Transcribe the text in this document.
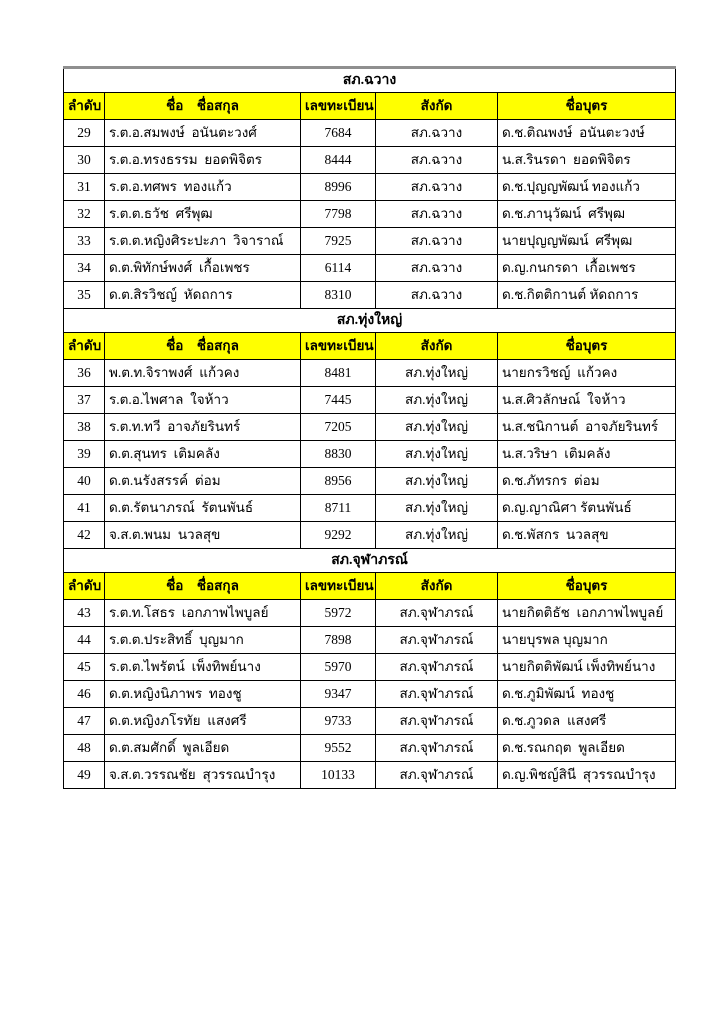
สภ.ฉวาง				
ลำดับ	ชื่อ    ชื่อสกุล	เลขทะเบียน	สังกัด	ชื่อบุตร
29	ร.ต.อ.สมพงษ์  อนันตะวงศ์	7684	สภ.ฉวาง	ด.ช.ติณพงษ์  อนันตะวงษ์
30	ร.ต.อ.ทรงธรรม  ยอดพิจิตร	8444	สภ.ฉวาง	น.ส.รินรดา  ยอดพิจิตร
31	ร.ต.อ.ทศพร  ทองแก้ว	8996	สภ.ฉวาง	ด.ช.ปุญญพัฒน์ ทองแก้ว
32	ร.ต.ต.ธวัช  ศรีพุฒ	7798	สภ.ฉวาง	ด.ช.ภานุวัฒน์  ศรีพุฒ
33	ร.ต.ต.หญิงศิระปะภา  วิจาราณ์	7925	สภ.ฉวาง	นายปุญญพัฒน์  ศรีพุฒ
34	ด.ต.พิทักษ์พงศ์  เกื้อเพชร	6114	สภ.ฉวาง	ด.ญ.กนกรดา  เกื้อเพชร
35	ด.ต.สิรวิชญ์  หัดถการ	8310	สภ.ฉวาง	ด.ช.กิตติกานต์ หัดถการ
สภ.ทุ่งใหญ่				
ลำดับ	ชื่อ    ชื่อสกุล	เลขทะเบียน	สังกัด	ชื่อบุตร
36	พ.ต.ท.จิราพงศ์  แก้วคง	8481	สภ.ทุ่งใหญ่	นายกรวิชญ์  แก้วคง
37	ร.ต.อ.ไพศาล  ใจห้าว	7445	สภ.ทุ่งใหญ่	น.ส.ศิวลักษณ์  ใจห้าว
38	ร.ต.ท.ทวี  อาจภัยรินทร์	7205	สภ.ทุ่งใหญ่	น.ส.ชนิกานต์  อาจภัยรินทร์
39	ด.ต.สุนทร  เติมคลัง	8830	สภ.ทุ่งใหญ่	น.ส.วริษา  เติมคลัง
40	ด.ต.นรังสรรค์  ต่อม	8956	สภ.ทุ่งใหญ่	ด.ช.ภัทรกร  ต่อม
41	ด.ต.รัตนาภรณ์  รัตนพันธ์	8711	สภ.ทุ่งใหญ่	ด.ญ.ญาณิศา รัตนพันธ์
42	จ.ส.ต.พนม  นวลสุข	9292	สภ.ทุ่งใหญ่	ด.ช.พัสกร  นวลสุข
สภ.จุฬาภรณ์				
ลำดับ	ชื่อ    ชื่อสกุล	เลขทะเบียน	สังกัด	ชื่อบุตร
43	ร.ต.ท.โสธร  เอกภาพไพบูลย์	5972	สภ.จุฬาภรณ์	นายกิตติธัช  เอกภาพไพบูลย์
44	ร.ต.ต.ประสิทธิ์  บุญมาก	7898	สภ.จุฬาภรณ์	นายบุรพล บุญมาก
45	ร.ต.ต.ไพรัตน์  เพ็งทิพย์นาง	5970	สภ.จุฬาภรณ์	นายกิตติพัฒน์ เพ็งทิพย์นาง
46	ด.ต.หญิงนิภาพร  ทองชู	9347	สภ.จุฬาภรณ์	ด.ช.ภูมิพัฒน์  ทองชู
47	ด.ต.หญิงภโรทัย  แสงศรี	9733	สภ.จุฬาภรณ์	ด.ช.ภูวดล  แสงศรี
48	ด.ต.สมศักดิ์  พูลเอียด	9552	สภ.จุฬาภรณ์	ด.ช.รณกฤต  พูลเอียด
49	จ.ส.ต.วรรณชัย  สุวรรณบำรุง	10133	สภ.จุฬาภรณ์	ด.ญ.พิชญ์สินี  สุวรรณบำรุง
